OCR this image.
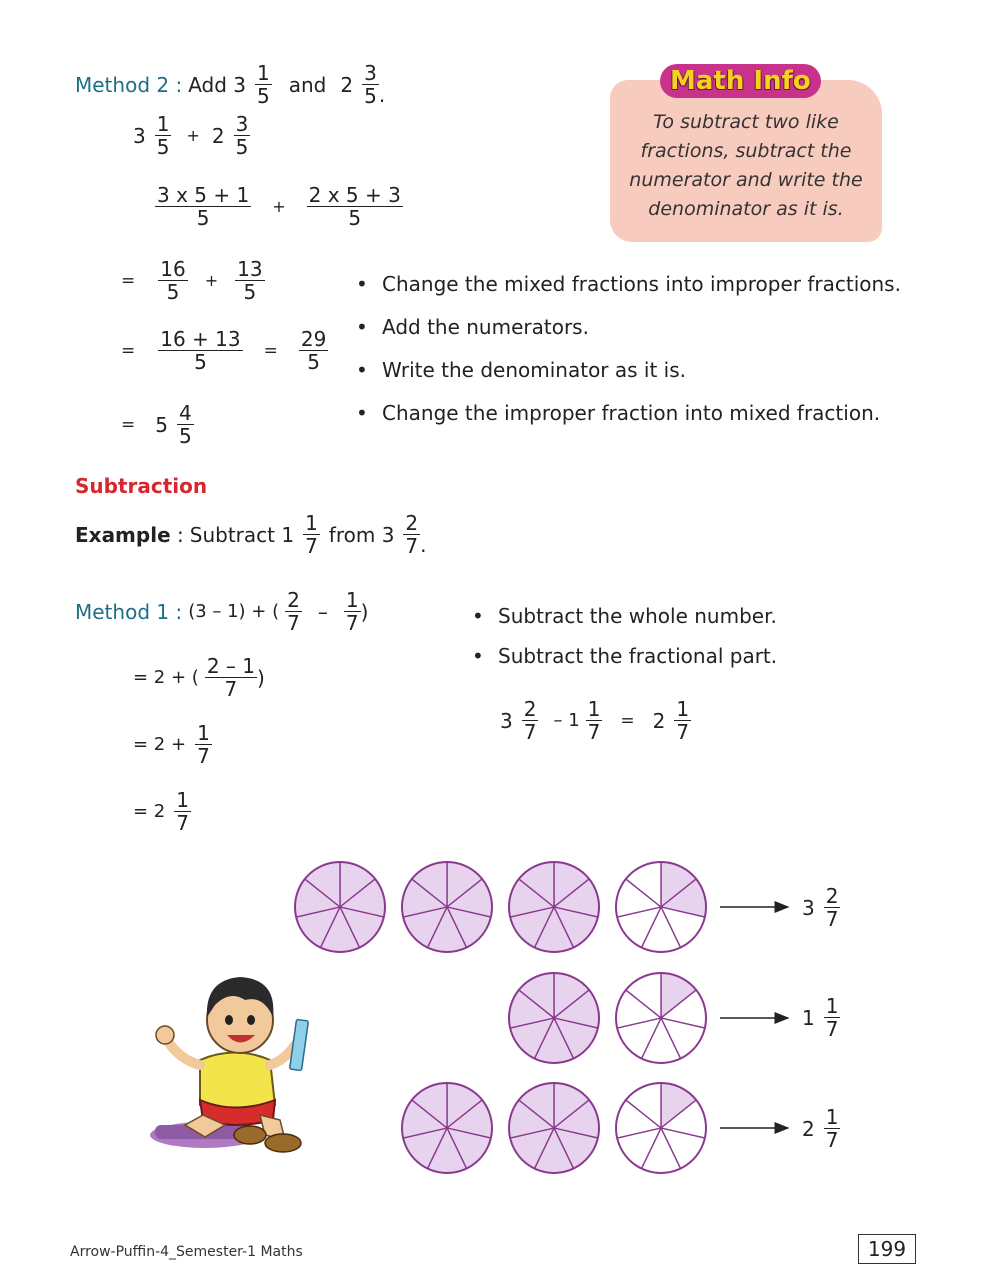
Method 2 : Add $3 \frac{1}{5}$ and $2 \frac{3}{5}$ .
$3 \frac{1}{5} + 2 \frac{3}{5}$
$\frac{3 x 5 + 1}{5} + \frac{2 x 5 + 3}{5}$
= $\frac{16}{5} + \frac{13}{5}$
= $\frac{16 + 13}{5} = \frac{29}{5}$
= $5 \frac{4}{5}$
• Change the mixed fractions into improper fractions.
• Add the numerators.
• Write the denominator as it is.
• Change the improper fraction into mixed fraction.
To subtract two like fractions, subtract the numerator and write the denominator as it is.
Math Info
Subtraction
Example : Subtract $1 \frac{1}{7}$ from $3 \frac{2}{7}$ .
Method 1 : (3 – 1) + ( $\frac{2}{7} - \frac{1}{7}$ )
= 2 + ( $\frac{2 - 1}{7}$ )
= $2 + \frac{1}{7}$
= $2 \frac{1}{7}$
• Subtract the whole number.
• Subtract the fractional part.
$3 \frac{2}{7} - 1 \frac{1}{7} = 2 \frac{1}{7}$
$3 \frac{2}{7}$
$1 \frac{1}{7}$
$2 \frac{1}{7}$
Arrow-Puffin-4_Semester-1 Maths	199
